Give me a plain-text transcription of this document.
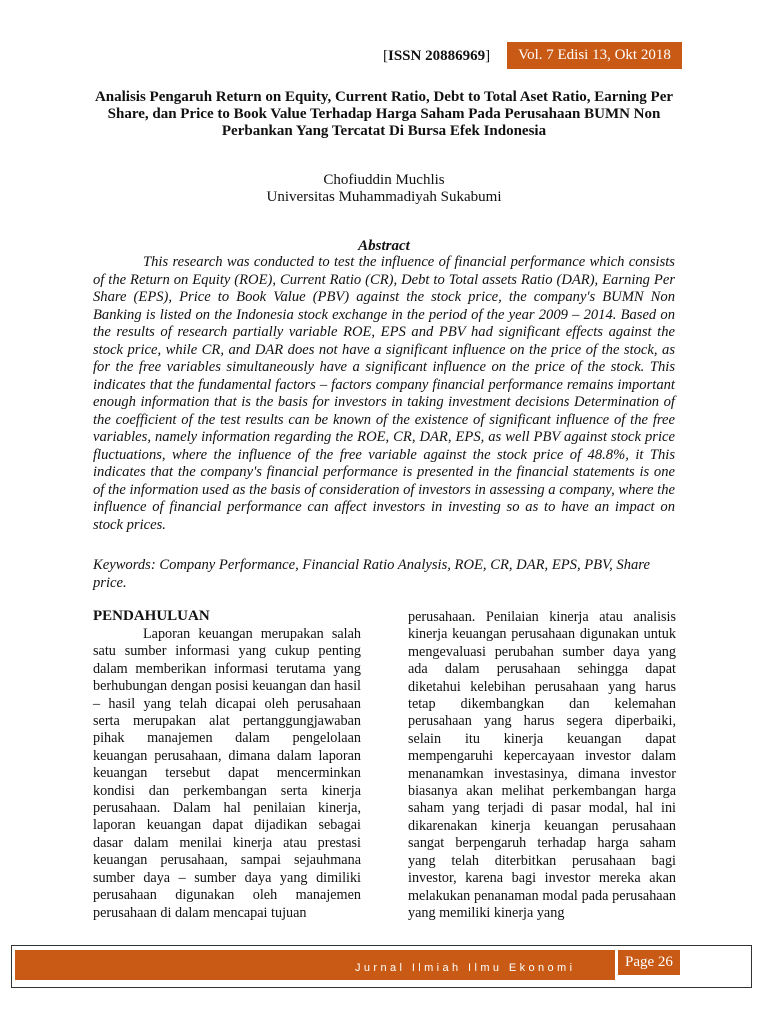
[ISSN 20886969]	Vol. 7 Edisi 13, Okt 2018
Analisis Pengaruh Return on Equity, Current Ratio, Debt to Total Aset Ratio, Earning Per Share, dan Price to Book Value Terhadap Harga Saham Pada Perusahaan BUMN Non Perbankan Yang Tercatat Di Bursa Efek Indonesia
Chofiuddin Muchlis
Universitas Muhammadiyah Sukabumi
Abstract

This research was conducted to test the influence of financial performance which consists of the Return on Equity (ROE), Current Ratio (CR), Debt to Total assets Ratio (DAR), Earning Per Share (EPS), Price to Book Value (PBV) against the stock price, the company's BUMN Non Banking is listed on the Indonesia stock exchange in the period of the year 2009 – 2014. Based on the results of research partially variable ROE, EPS and PBV had significant effects against the stock price, while CR, and DAR does not have a significant influence on the price of the stock, as for the free variables simultaneously have a significant influence on the price of the stock. This indicates that the fundamental factors – factors company financial performance remains important enough information that is the basis for investors in taking investment decisions Determination of the coefficient of the test results can be known of the existence of significant influence of the free variables, namely information regarding the ROE, CR, DAR, EPS, as well PBV against stock price fluctuations, where the influence of the free variable against the stock price of 48.8%, it This indicates that the company's financial performance is presented in the financial statements is one of the information used as the basis of consideration of investors in assessing a company, where the influence of financial performance can affect investors in investing so as to have an impact on stock prices.

Keywords: Company Performance, Financial Ratio Analysis, ROE, CR, DAR, EPS, PBV, Share price.
PENDAHULUAN

Laporan keuangan merupakan salah satu sumber informasi yang cukup penting dalam memberikan informasi terutama yang berhubungan dengan posisi keuangan dan hasil – hasil yang telah dicapai oleh perusahaan serta merupakan alat pertanggungjawaban pihak manajemen dalam pengelolaan keuangan perusahaan, dimana dalam laporan keuangan tersebut dapat mencerminkan kondisi dan perkembangan serta kinerja perusahaan. Dalam hal penilaian kinerja, laporan keuangan dapat dijadikan sebagai dasar dalam menilai kinerja atau prestasi keuangan perusahaan, sampai sejauhmana sumber daya – sumber daya yang dimiliki perusahaan digunakan oleh manajemen perusahaan di dalam mencapai tujuan

perusahaan. Penilaian kinerja atau analisis kinerja keuangan perusahaan digunakan untuk mengevaluasi perubahan sumber daya yang ada dalam perusahaan sehingga dapat diketahui kelebihan perusahaan yang harus tetap dikembangkan dan kelemahan perusahaan yang harus segera diperbaiki, selain itu kinerja keuangan dapat mempengaruhi kepercayaan investor dalam menanamkan investasinya, dimana investor biasanya akan melihat perkembangan harga saham yang terjadi di pasar modal, hal ini dikarenakan kinerja keuangan perusahaan sangat berpengaruh terhadap harga saham yang telah diterbitkan perusahaan bagi investor, karena bagi investor mereka akan melakukan penanaman modal pada perusahaan yang memiliki kinerja yang

Jurnal Ilmiah Ilmu Ekonomi	Page 26
